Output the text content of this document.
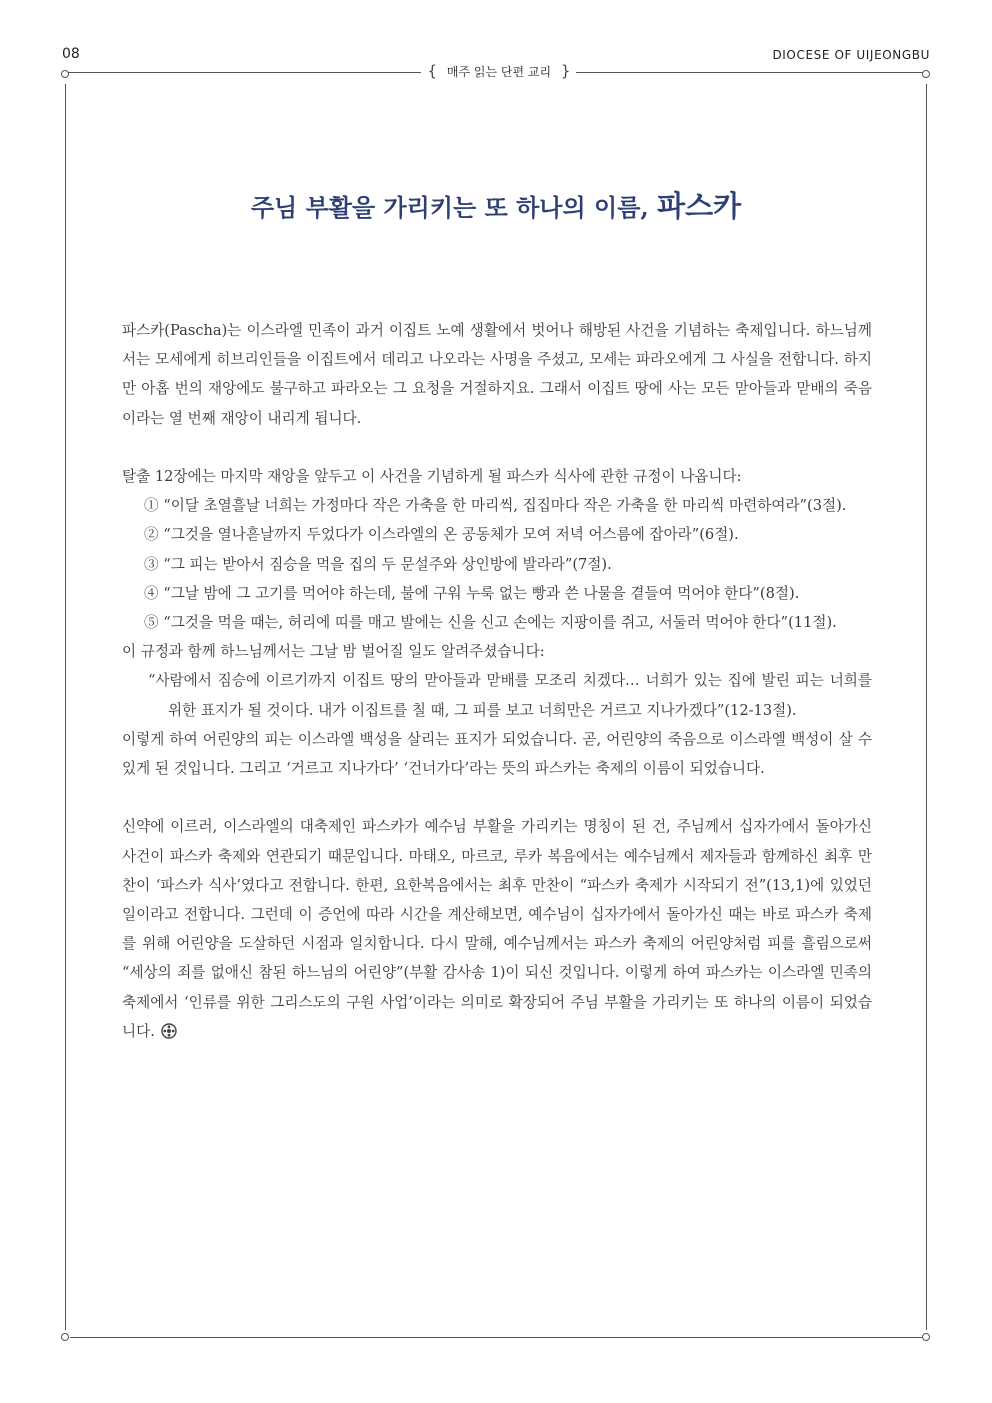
08	DIOCESE OF UIJEONGBU
{ 매주 읽는 단편 교리 }
주님 부활을 가리키는 또 하나의 이름, 파스카

파스카(Pascha)는 이스라엘 민족이 과거 이집트 노예 생활에서 벗어나 해방된 사건을 기념하는 축제입니다. 하느님께서는 모세에게 히브리인들을 이집트에서 데리고 나오라는 사명을 주셨고, 모세는 파라오에게 그 사실을 전합니다. 하지만 아홉 번의 재앙에도 불구하고 파라오는 그 요청을 거절하지요. 그래서 이집트 땅에 사는 모든 맏아들과 맏배의 죽음이라는 열 번째 재앙이 내리게 됩니다.

탈출 12장에는 마지막 재앙을 앞두고 이 사건을 기념하게 될 파스카 식사에 관한 규정이 나옵니다:

① “이달 초열흘날 너희는 가정마다 작은 가축을 한 마리씩, 집집마다 작은 가축을 한 마리씩 마련하여라”(3절).

② “그것을 열나흗날까지 두었다가 이스라엘의 온 공동체가 모여 저녁 어스름에 잡아라”(6절).

③ “그 피는 받아서 짐승을 먹을 집의 두 문설주와 상인방에 발라라”(7절).

④ “그날 밤에 그 고기를 먹어야 하는데, 불에 구워 누룩 없는 빵과 쓴 나물을 곁들여 먹어야 한다”(8절).

⑤ “그것을 먹을 때는, 허리에 띠를 매고 발에는 신을 신고 손에는 지팡이를 쥐고, 서둘러 먹어야 한다”(11절).

이 규정과 함께 하느님께서는 그날 밤 벌어질 일도 알려주셨습니다:

“사람에서 짐승에 이르기까지 이집트 땅의 맏아들과 맏배를 모조리 치겠다… 너희가 있는 집에 발린 피는 너희를 위한 표지가 될 것이다. 내가 이집트를 칠 때, 그 피를 보고 너희만은 거르고 지나가겠다”(12-13절).

이렇게 하여 어린양의 피는 이스라엘 백성을 살리는 표지가 되었습니다. 곧, 어린양의 죽음으로 이스라엘 백성이 살 수 있게 된 것입니다. 그리고 ‘거르고 지나가다’ ‘건너가다’라는 뜻의 파스카는 축제의 이름이 되었습니다.

신약에 이르러, 이스라엘의 대축제인 파스카가 예수님 부활을 가리키는 명칭이 된 건, 주님께서 십자가에서 돌아가신 사건이 파스카 축제와 연관되기 때문입니다. 마태오, 마르코, 루카 복음에서는 예수님께서 제자들과 함께하신 최후 만찬이 ‘파스카 식사’였다고 전합니다. 한편, 요한복음에서는 최후 만찬이 “파스카 축제가 시작되기 전”(13,1)에 있었던 일이라고 전합니다. 그런데 이 증언에 따라 시간을 계산해보면, 예수님이 십자가에서 돌아가신 때는 바로 파스카 축제를 위해 어린양을 도살하던 시점과 일치합니다. 다시 말해, 예수님께서는 파스카 축제의 어린양처럼 피를 흘림으로써 “세상의 죄를 없애신 참된 하느님의 어린양”(부활 감사송 1)이 되신 것입니다. 이렇게 하여 파스카는 이스라엘 민족의 축제에서 ‘인류를 위한 그리스도의 구원 사업’이라는 의미로 확장되어 주님 부활을 가리키는 또 하나의 이름이 되었습니다.
